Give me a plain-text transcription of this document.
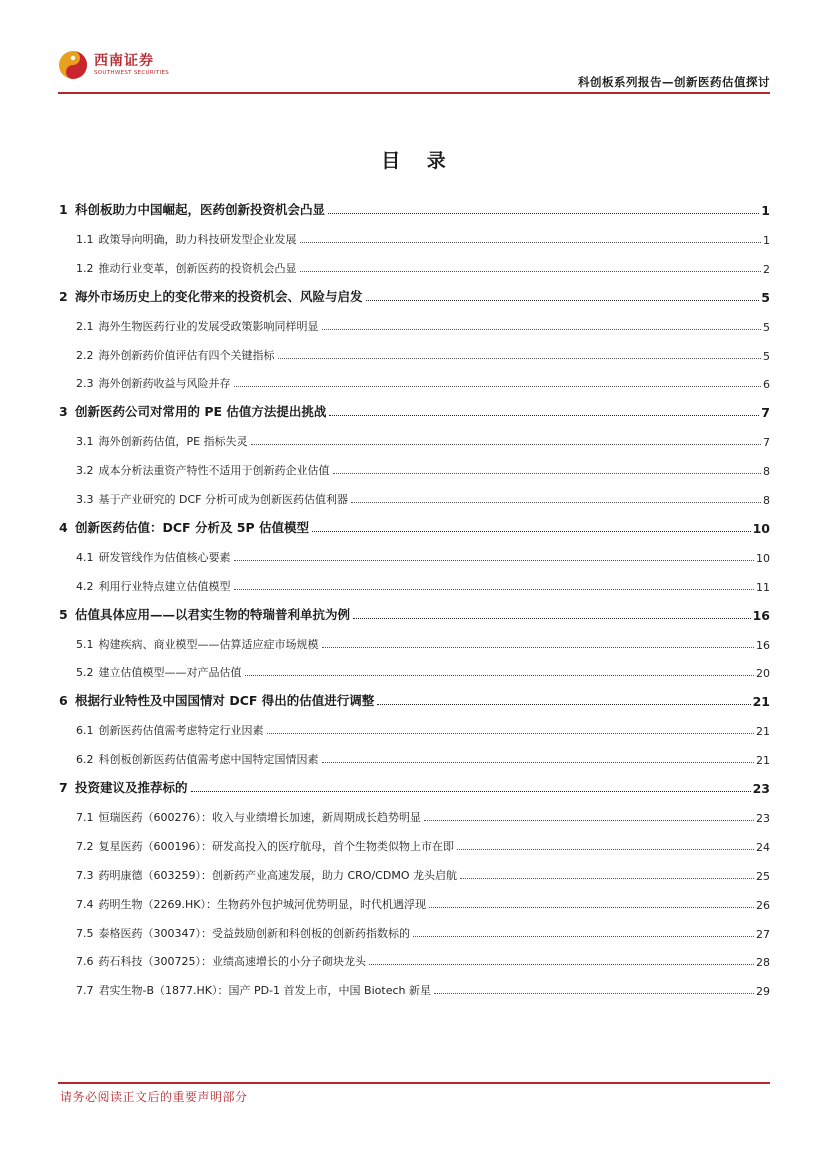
西南证券
SOUTHWEST SECURITIES
科创板系列报告—创新医药估值探讨
目 录
1 科创板助力中国崛起，医药创新投资机会凸显	1
1.1 政策导向明确，助力科技研发型企业发展	1
1.2 推动行业变革，创新医药的投资机会凸显	2
2 海外市场历史上的变化带来的投资机会、风险与启发	5
2.1 海外生物医药行业的发展受政策影响同样明显	5
2.2 海外创新药价值评估有四个关键指标	5
2.3 海外创新药收益与风险并存	6
3 创新医药公司对常用的 PE 估值方法提出挑战	7
3.1 海外创新药估值，PE 指标失灵	7
3.2 成本分析法重资产特性不适用于创新药企业估值	8
3.3 基于产业研究的 DCF 分析可成为创新医药估值利器	8
4 创新医药估值：DCF 分析及 5P 估值模型	10
4.1 研发管线作为估值核心要素	10
4.2 利用行业特点建立估值模型	11
5 估值具体应用——以君实生物的特瑞普利单抗为例	16
5.1 构建疾病、商业模型——估算适应症市场规模	16
5.2 建立估值模型——对产品估值	20
6 根据行业特性及中国国情对 DCF 得出的估值进行调整	21
6.1 创新医药估值需考虑特定行业因素	21
6.2 科创板创新医药估值需考虑中国特定国情因素	21
7 投资建议及推荐标的	23
7.1 恒瑞医药（600276）：收入与业绩增长加速，新周期成长趋势明显	23
7.2 复星医药（600196）：研发高投入的医疗航母，首个生物类似物上市在即	24
7.3 药明康德（603259）：创新药产业高速发展，助力 CRO/CDMO 龙头启航	25
7.4 药明生物（2269.HK）：生物药外包护城河优势明显，时代机遇浮现	26
7.5 泰格医药（300347）：受益鼓励创新和科创板的创新药指数标的	27
7.6 药石科技（300725）：业绩高速增长的小分子砌块龙头	28
7.7 君实生物-B（1877.HK）：国产 PD-1 首发上市，中国 Biotech 新星	29
请务必阅读正文后的重要声明部分
